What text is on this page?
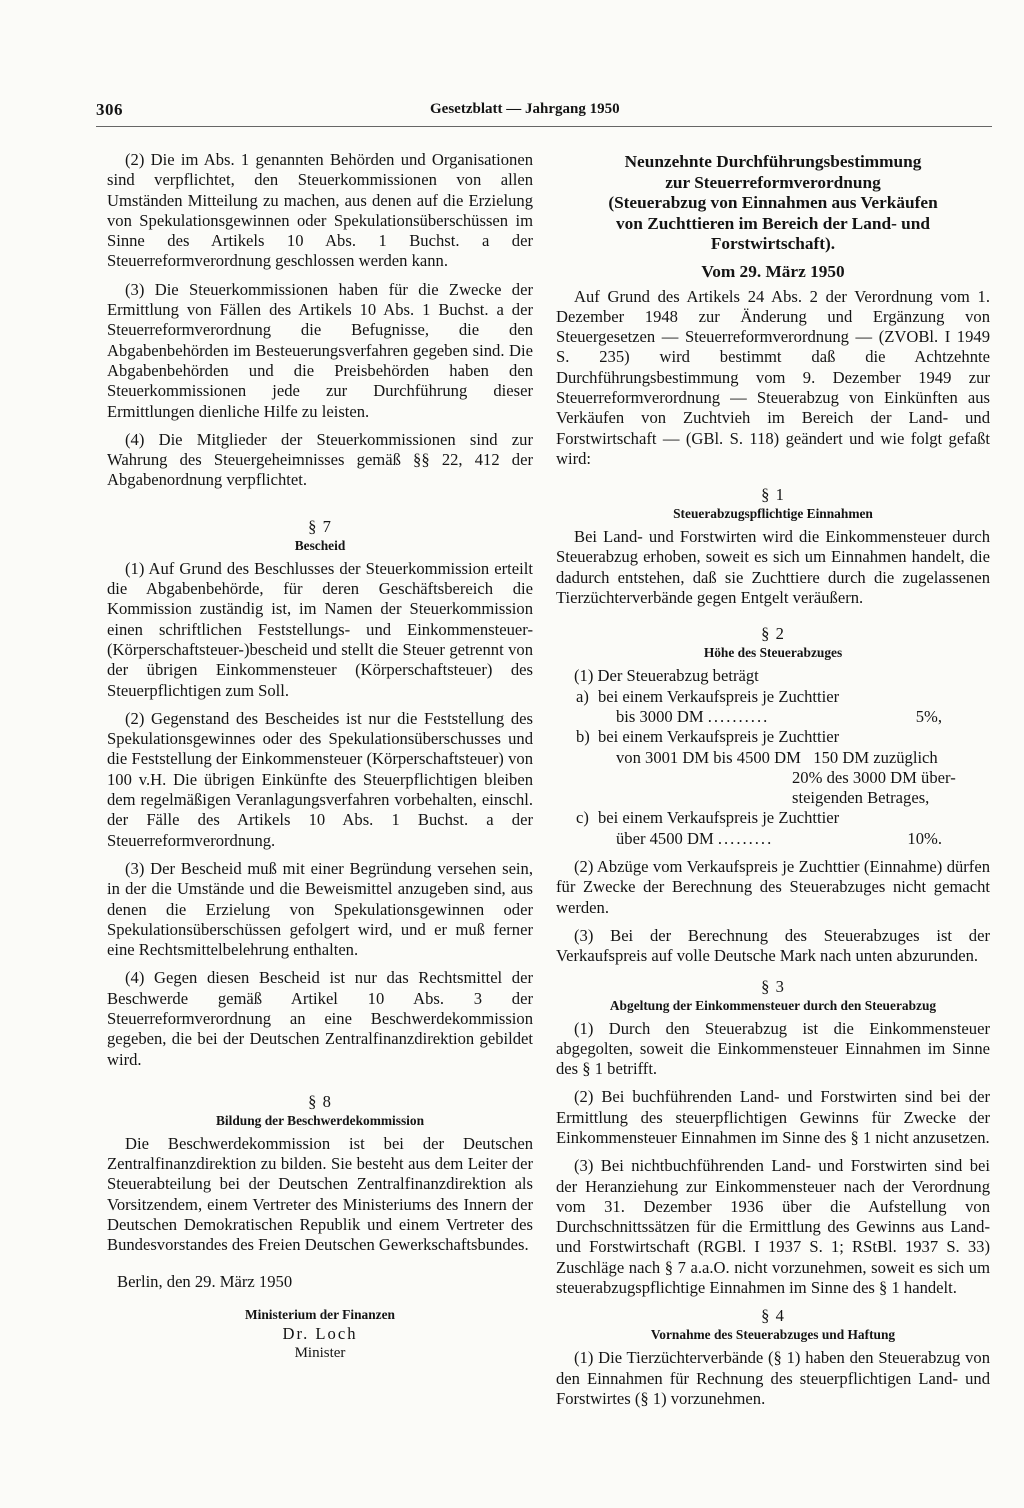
306	Gesetzblatt — Jahrgang 1950

(2) Die im Abs. 1 genannten Behörden und Organisationen sind verpflichtet, den Steuerkommissionen von allen Umständen Mitteilung zu machen, aus denen auf die Erzielung von Spekulationsgewinnen oder Spekulationsüberschüssen im Sinne des Artikels 10 Abs. 1 Buchst. a der Steuerreformverordnung geschlossen werden kann.

(3) Die Steuerkommissionen haben für die Zwecke der Ermittlung von Fällen des Artikels 10 Abs. 1 Buchst. a der Steuerreformverordnung die Befugnisse, die den Abgabenbehörden im Besteuerungsverfahren gegeben sind. Die Abgabenbehörden und die Preisbehörden haben den Steuerkommissionen jede zur Durchführung dieser Ermittlungen dienliche Hilfe zu leisten.

(4) Die Mitglieder der Steuerkommissionen sind zur Wahrung des Steuergeheimnisses gemäß §§ 22, 412 der Abgabenordnung verpflichtet.

§ 7
Bescheid

(1) Auf Grund des Beschlusses der Steuerkommission erteilt die Abgabenbehörde, für deren Geschäftsbereich die Kommission zuständig ist, im Namen der Steuerkommission einen schriftlichen Feststellungs- und Einkommensteuer-(Körperschaftsteuer-)bescheid und stellt die Steuer getrennt von der übrigen Einkommensteuer (Körperschaftsteuer) des Steuerpflichtigen zum Soll.

(2) Gegenstand des Bescheides ist nur die Feststellung des Spekulationsgewinnes oder des Spekulationsüberschusses und die Feststellung der Einkommensteuer (Körperschaftsteuer) von 100 v.H. Die übrigen Einkünfte des Steuerpflichtigen bleiben dem regelmäßigen Veranlagungsverfahren vorbehalten, einschl. der Fälle des Artikels 10 Abs. 1 Buchst. a der Steuerreformverordnung.

(3) Der Bescheid muß mit einer Begründung versehen sein, in der die Umstände und die Beweismittel anzugeben sind, aus denen die Erzielung von Spekulationsgewinnen oder Spekulationsüberschüssen gefolgert wird, und er muß ferner eine Rechtsmittelbelehrung enthalten.

(4) Gegen diesen Bescheid ist nur das Rechtsmittel der Beschwerde gemäß Artikel 10 Abs. 3 der Steuerreformverordnung an eine Beschwerdekommission gegeben, die bei der Deutschen Zentralfinanzdirektion gebildet wird.

§ 8
Bildung der Beschwerdekommission

Die Beschwerdekommission ist bei der Deutschen Zentralfinanzdirektion zu bilden. Sie besteht aus dem Leiter der Steuerabteilung bei der Deutschen Zentralfinanzdirektion als Vorsitzendem, einem Vertreter des Ministeriums des Innern der Deutschen Demokratischen Republik und einem Vertreter des Bundesvorstandes des Freien Deutschen Gewerkschaftsbundes.

Berlin, den 29. März 1950
Ministerium der Finanzen
Dr. Loch
Minister
Neunzehnte Durchführungsbestimmung
zur Steuerreformverordnung
(Steuerabzug von Einnahmen aus Verkäufen
von Zuchttieren im Bereich der Land- und
Forstwirtschaft).
Vom 29. März 1950

Auf Grund des Artikels 24 Abs. 2 der Verordnung vom 1. Dezember 1948 zur Änderung und Ergänzung von Steuergesetzen — Steuerreformverordnung — (ZVOBl. I 1949 S. 235) wird bestimmt daß die Achtzehnte Durchführungsbestimmung vom 9. Dezember 1949 zur Steuerreformverordnung — Steuerabzug von Einkünften aus Verkäufen von Zuchtvieh im Bereich der Land- und Forstwirtschaft — (GBl. S. 118) geändert und wie folgt gefaßt wird:

§ 1
Steuerabzugspflichtige Einnahmen

Bei Land- und Forstwirten wird die Einkommensteuer durch Steuerabzug erhoben, soweit es sich um Einnahmen handelt, die dadurch entstehen, daß sie Zuchttiere durch die zugelassenen Tierzüchterverbände gegen Entgelt veräußern.

§ 2
Höhe des Steuerabzuges

(1) Der Steuerabzug beträgt

a)	bei einem Verkaufspreis je Zuchttier	
	bis 3000 DM ..........	5%,
b)	bei einem Verkaufspreis je Zuchttier	
	von 3001 DM bis 4500 DM   150 DM zuzüglich	
	20% des 3000 DM über-	
	steigenden Betrages,	
c)	bei einem Verkaufspreis je Zuchttier	
	über 4500 DM .........	10%.

(2) Abzüge vom Verkaufspreis je Zuchttier (Einnahme) dürfen für Zwecke der Berechnung des Steuerabzuges nicht gemacht werden.

(3) Bei der Berechnung des Steuerabzuges ist der Verkaufspreis auf volle Deutsche Mark nach unten abzurunden.

§ 3
Abgeltung der Einkommensteuer durch den Steuerabzug

(1) Durch den Steuerabzug ist die Einkommensteuer abgegolten, soweit die Einkommensteuer Einnahmen im Sinne des § 1 betrifft.

(2) Bei buchführenden Land- und Forstwirten sind bei der Ermittlung des steuerpflichtigen Gewinns für Zwecke der Einkommensteuer Einnahmen im Sinne des § 1 nicht anzusetzen.

(3) Bei nichtbuchführenden Land- und Forstwirten sind bei der Heranziehung zur Einkommensteuer nach der Verordnung vom 31. Dezember 1936 über die Aufstellung von Durchschnittssätzen für die Ermittlung des Gewinns aus Land- und Forstwirtschaft (RGBl. I 1937 S. 1; RStBl. 1937 S. 33) Zuschläge nach § 7 a.a.O. nicht vorzunehmen, soweit es sich um steuerabzugspflichtige Einnahmen im Sinne des § 1 handelt.

§ 4
Vornahme des Steuerabzuges und Haftung

(1) Die Tierzüchterverbände (§ 1) haben den Steuerabzug von den Einnahmen für Rechnung des steuerpflichtigen Land- und Forstwirtes (§ 1) vorzunehmen.
